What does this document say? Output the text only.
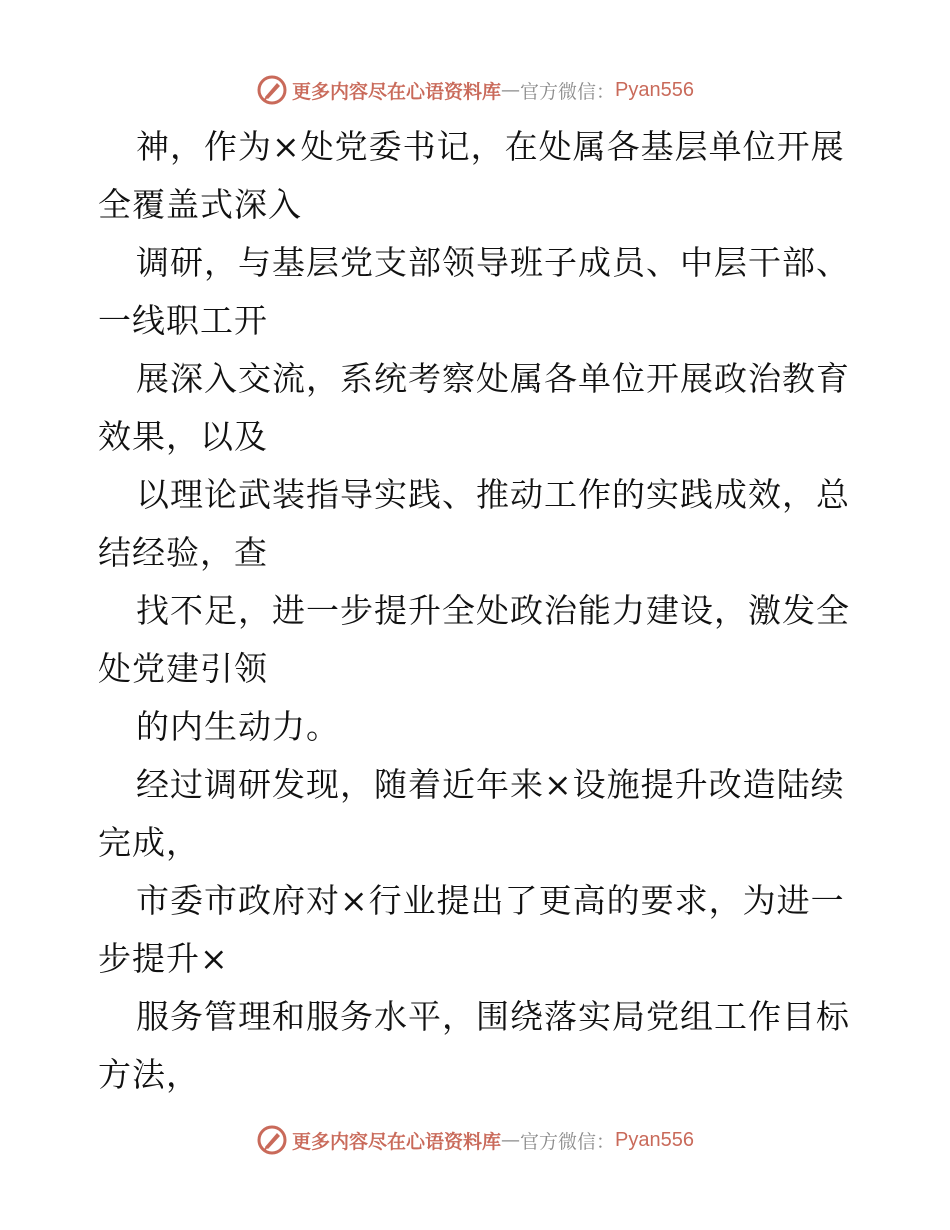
更多内容尽在心语资料库 — 官方微信： Pyan556
神，作为×处党委书记，在处属各基层单位开展
全覆盖式深入
调研，与基层党支部领导班子成员、中层干部、
一线职工开
展深入交流，系统考察处属各单位开展政治教育
效果，以及
以理论武装指导实践、推动工作的实践成效，总
结经验，查
找不足，进一步提升全处政治能力建设，激发全
处党建引领
的内生动力。
经过调研发现，随着近年来×设施提升改造陆续
完成，
市委市政府对×行业提出了更高的要求，为进一
步提升×
服务管理和服务水平，围绕落实局党组工作目标
方法，
更多内容尽在心语资料库 — 官方微信： Pyan556
